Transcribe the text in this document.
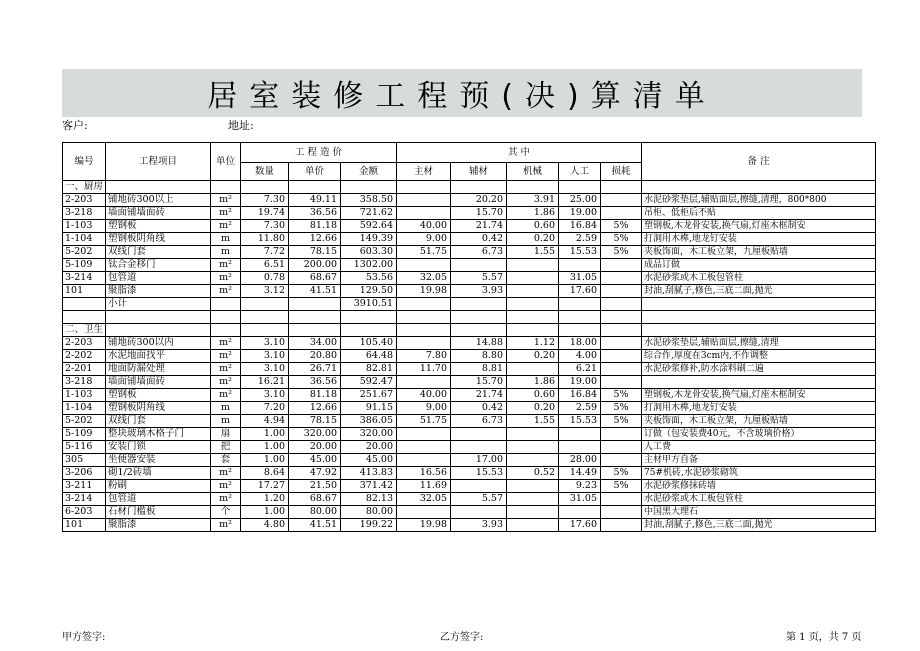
居室装修工程预(决)算清单
客户:	地址:
编号	工程项目	单位	工 程 造 价			其 中					备 注
			数量	单价	金额	主材	辅材	机械	人工	损耗	
一、厨房											
2-203	铺地砖300以上	m²	7.30	49.11	358.50		20.20	3.91	25.00		水泥砂浆垫层,辅贴面层,擦缝,清理，800*800
3-218	墙面铺墙面砖	m²	19.74	36.56	721.62		15.70	1.86	19.00		吊柜、低柜后不贴
1-103	塑钢板	m²	7.30	81.18	592.64	40.00	21.74	0.60	16.84	5%	塑钢板,木龙骨安装,换气扇,灯座木框制安
1-104	塑钢板阴角线	m	11.80	12.66	149.39	9.00	0.42	0.20	2.59	5%	打洞用木榫,地龙钉安装
5-202	双线门套	m	7.72	78.15	603.30	51.75	6.73	1.55	15.53	5%	夹板饰面，木工板立架，九厘板贴墙
5-109	钛合金移门	m²	6.51	200.00	1302.00						成品订做
3-214	包管道	m²	0.78	68.67	53.56	32.05	5.57		31.05		水泥砂浆或木工板包管柱
101	聚脂漆	m²	3.12	41.51	129.50	19.98	3.93		17.60		封油,刮腻子,修色,三底二面,抛光
	小计				3910.51						

二、卫生											
2-203	铺地砖300以内	m²	3.10	34.00	105.40		14.88	1.12	18.00		水泥砂浆垫层,辅贴面层,擦缝,清理
2-202	水泥地面找平	m²	3.10	20.80	64.48	7.80	8.80	0.20	4.00		综合作,厚度在3cm内,不作调整
2-201	地面防漏处理	m²	3.10	26.71	82.81	11.70	8.81		6.21		水泥砂浆修补,防水涂料刷二遍
3-218	墙面铺墙面砖	m²	16.21	36.56	592.47		15.70	1.86	19.00		
1-103	塑钢板	m²	3.10	81.18	251.67	40.00	21.74	0.60	16.84	5%	塑钢板,木龙骨安装,换气扇,灯座木框制安
1-104	塑钢板阴角线	m	7.20	12.66	91.15	9.00	0.42	0.20	2.59	5%	打洞用木榫,地龙钉安装
5-202	双线门套	m	4.94	78.15	386.05	51.75	6.73	1.55	15.53	5%	夹板饰面，木工板立架，九厘板贴墙
5-109	整块玻璃木格子门	扇	1.00	320.00	320.00						订做（包安装费40元，不含玻璃价格）
5-116	安装门锁	把	1.00	20.00	20.00						人工费
305	坐便器安装	套	1.00	45.00	45.00		17.00		28.00		主材甲方自备
3-206	砌1/2砖墙	m²	8.64	47.92	413.83	16.56	15.53	0.52	14.49	5%	75#机砖,水泥砂浆砌筑
3-211	粉刷	m²	17.27	21.50	371.42	11.69			9.23	5%	水泥砂浆修抹砖墙
3-214	包管道	m²	1.20	68.67	82.13	32.05	5.57		31.05		水泥砂浆或木工板包管柱
6-203	石材门槛板	个	1.00	80.00	80.00						中国黑大理石
101	聚脂漆	m²	4.80	41.51	199.22	19.98	3.93		17.60		封油,刮腻子,修色,三底二面,抛光
甲方签字:	乙方签字:	第 1 页，共 7 页
